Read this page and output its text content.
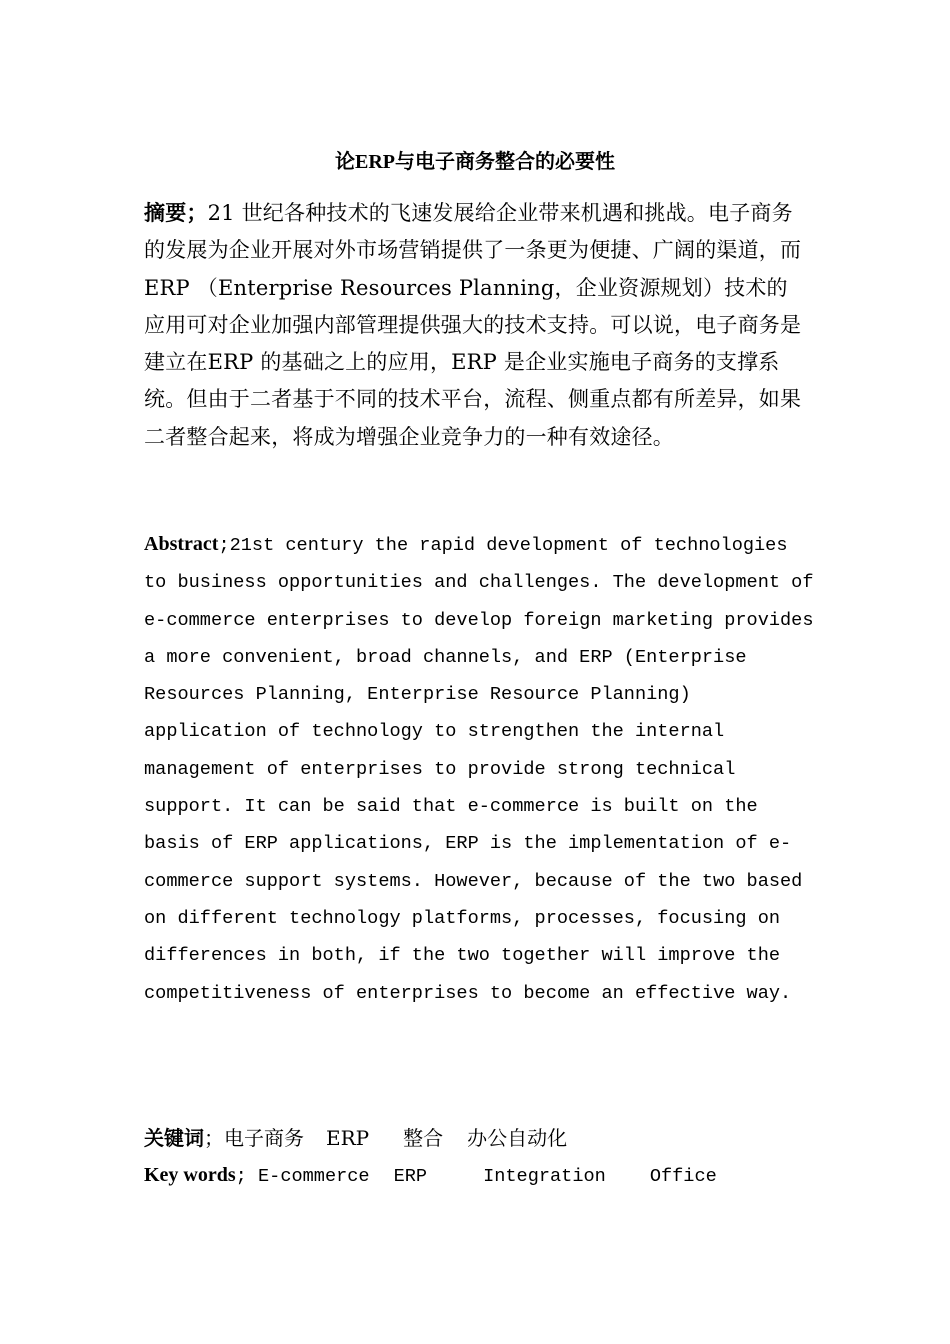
论ERP与电子商务整合的必要性

摘要；21 世纪各种技术的飞速发展给企业带来机遇和挑战。电子商务的发展为企业开展对外市场营销提供了一条更为便捷、广阔的渠道，而ERP （Enterprise Resources Planning，企业资源规划）技术的应用可对企业加强内部管理提供强大的技术支持。可以说，电子商务是建立在ERP 的基础之上的应用，ERP 是企业实施电子商务的支撑系统。但由于二者基于不同的技术平台，流程、侧重点都有所差异，如果二者整合起来，将成为增强企业竞争力的一种有效途径。

Abstract;21st century the rapid development of technologies to business opportunities and challenges. The development of e-commerce enterprises to develop foreign marketing provides a more convenient, broad channels, and ERP (Enterprise Resources Planning, Enterprise Resource Planning) application of technology to strengthen the internal management of enterprises to provide strong technical support. It can be said that e-commerce is built on the basis of ERP applications, ERP is the implementation of e-commerce support systems. However, because of the two based on different technology platforms, processes, focusing on differences in both, if the two together will improve the competitiveness of enterprises to become an effective way.

关键词；电子商务 ERP 整合 办公自动化

Key words; E-commerce ERP	Integration Office
